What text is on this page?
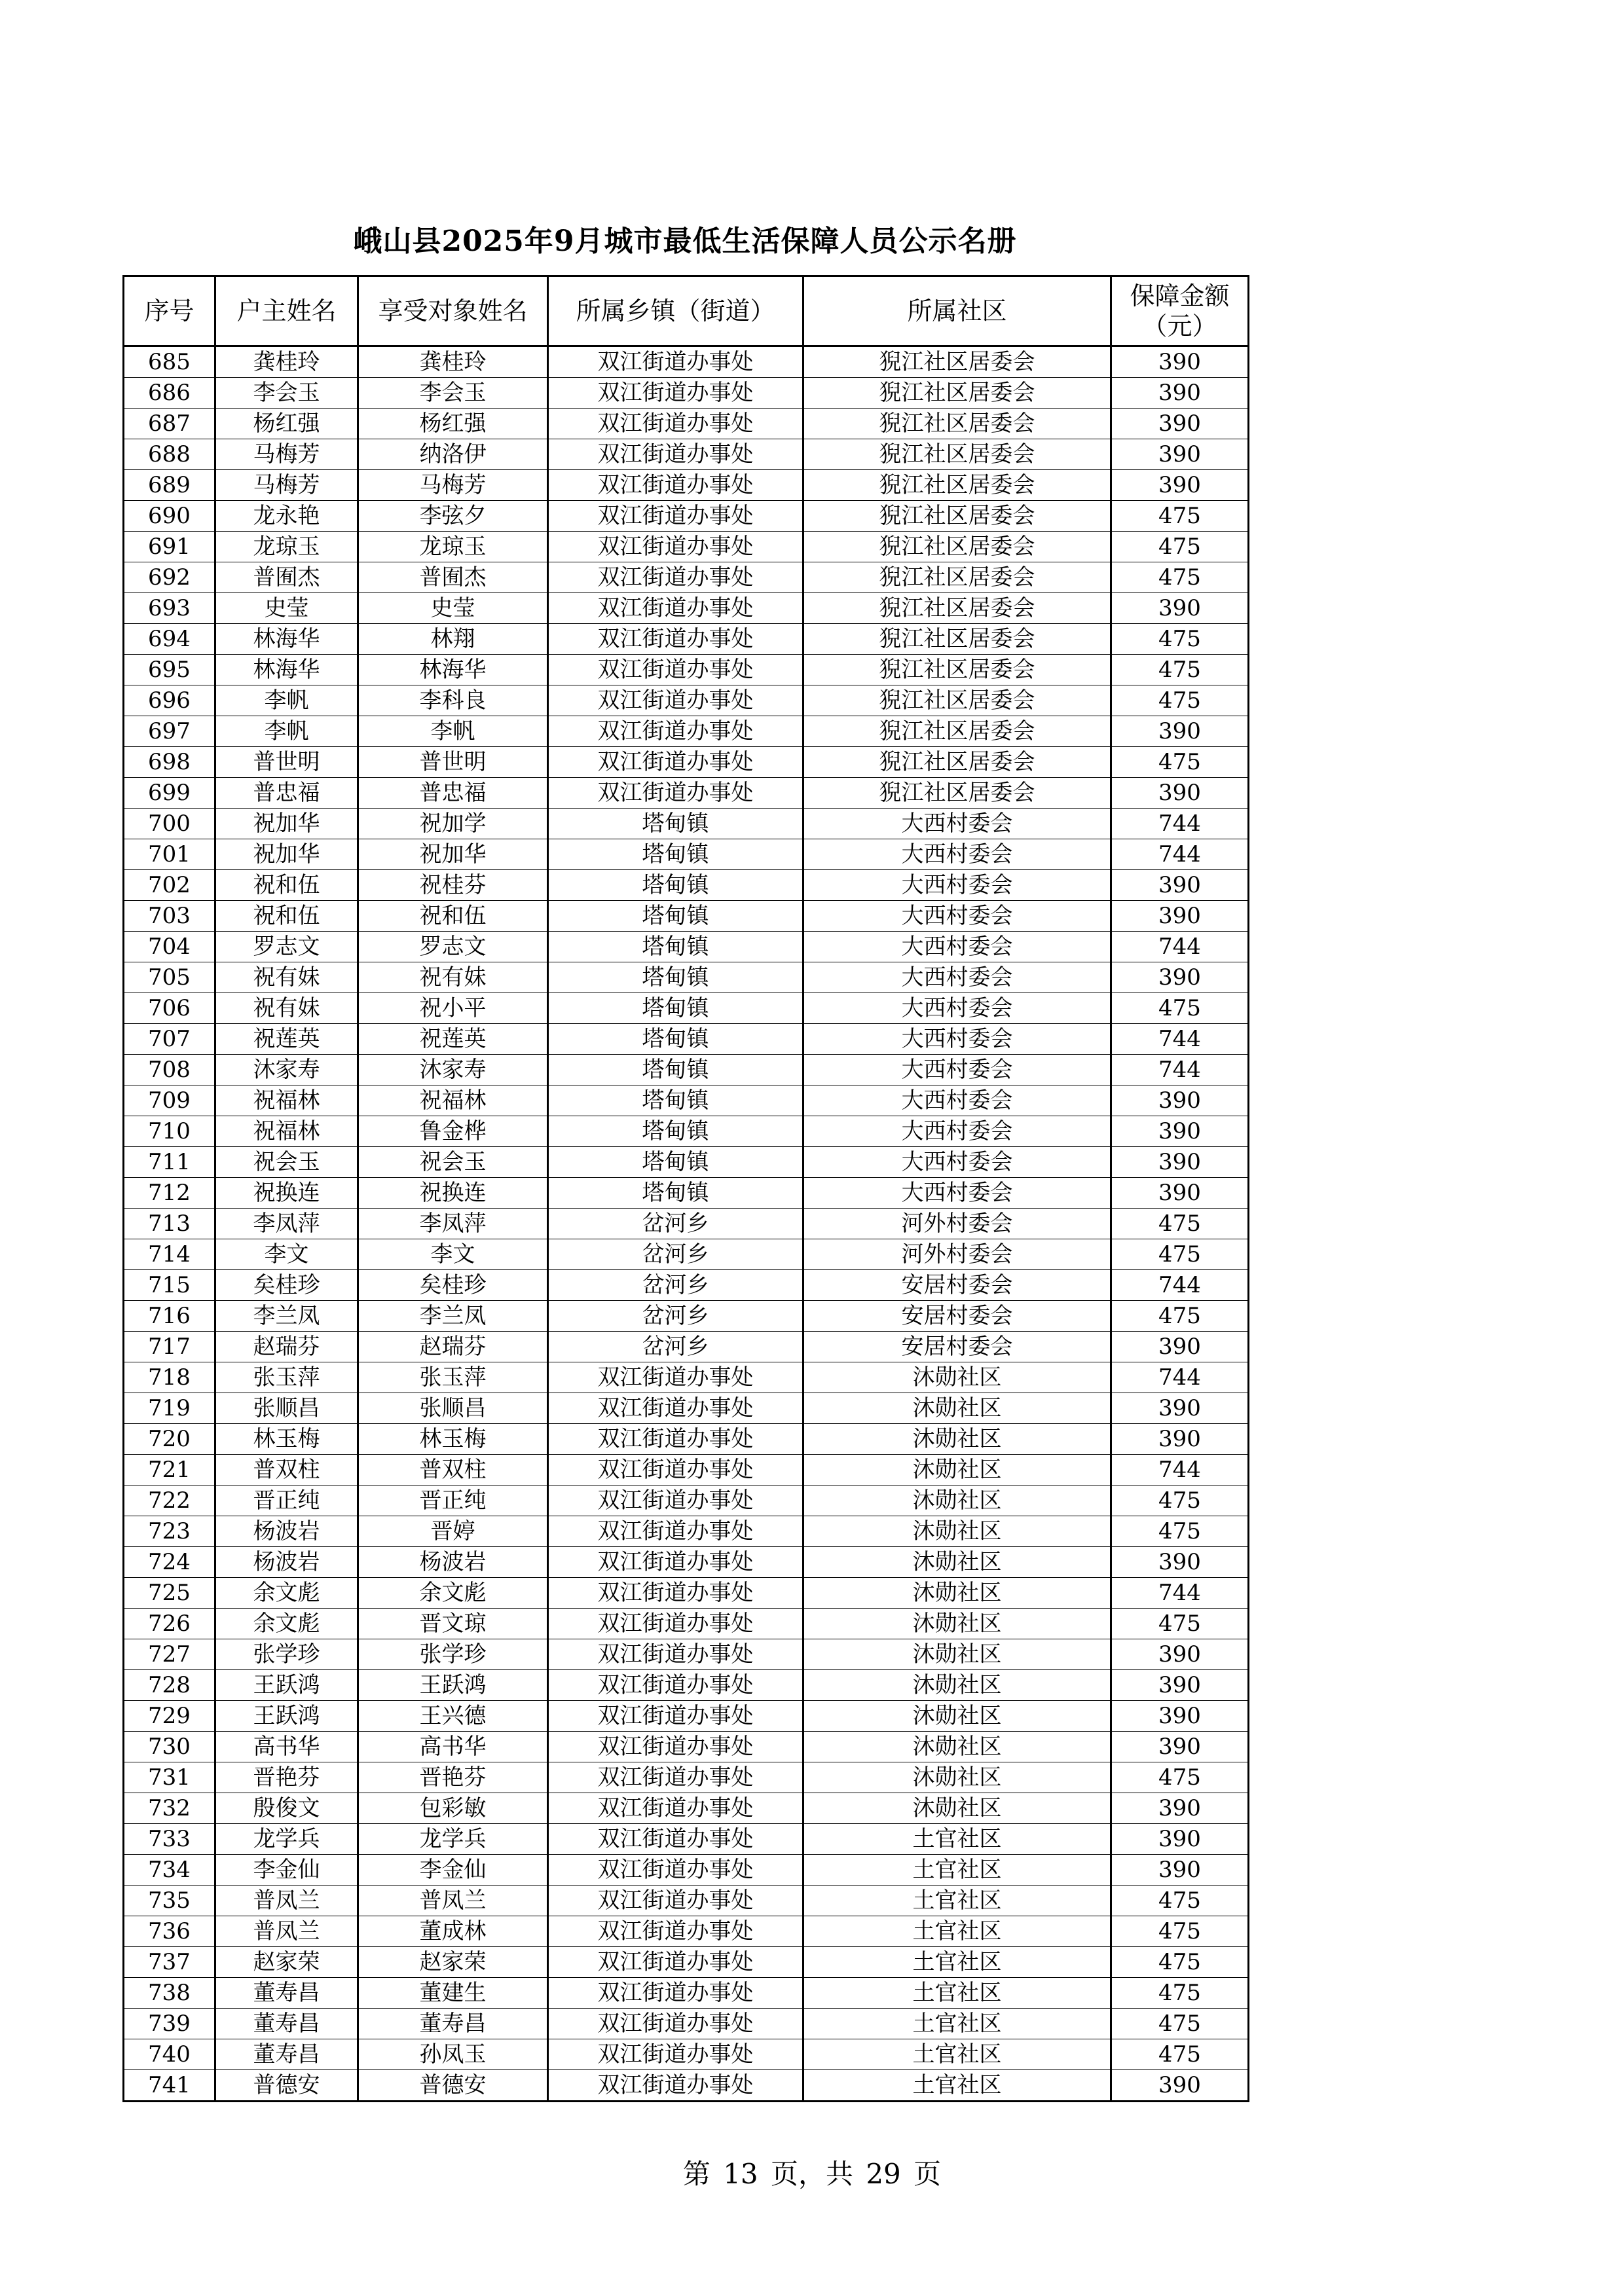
峨山县2025年9月城市最低生活保障人员公示名册
序号	户主姓名	享受对象姓名	所属乡镇（街道）	所属社区	保障金额
（元）

685	龚桂玲	龚桂玲	双江街道办事处	猊江社区居委会	390
686	李会玉	李会玉	双江街道办事处	猊江社区居委会	390
687	杨红强	杨红强	双江街道办事处	猊江社区居委会	390
688	马梅芳	纳洛伊	双江街道办事处	猊江社区居委会	390
689	马梅芳	马梅芳	双江街道办事处	猊江社区居委会	390
690	龙永艳	李弦夕	双江街道办事处	猊江社区居委会	475
691	龙琼玉	龙琼玉	双江街道办事处	猊江社区居委会	475
692	普囿杰	普囿杰	双江街道办事处	猊江社区居委会	475
693	史莹	史莹	双江街道办事处	猊江社区居委会	390
694	林海华	林翔	双江街道办事处	猊江社区居委会	475
695	林海华	林海华	双江街道办事处	猊江社区居委会	475
696	李帆	李科良	双江街道办事处	猊江社区居委会	475
697	李帆	李帆	双江街道办事处	猊江社区居委会	390
698	普世明	普世明	双江街道办事处	猊江社区居委会	475
699	普忠福	普忠福	双江街道办事处	猊江社区居委会	390
700	祝加华	祝加学	塔甸镇	大西村委会	744
701	祝加华	祝加华	塔甸镇	大西村委会	744
702	祝和伍	祝桂芬	塔甸镇	大西村委会	390
703	祝和伍	祝和伍	塔甸镇	大西村委会	390
704	罗志文	罗志文	塔甸镇	大西村委会	744
705	祝有妹	祝有妹	塔甸镇	大西村委会	390
706	祝有妹	祝小平	塔甸镇	大西村委会	475
707	祝莲英	祝莲英	塔甸镇	大西村委会	744
708	沐家寿	沐家寿	塔甸镇	大西村委会	744
709	祝福林	祝福林	塔甸镇	大西村委会	390
710	祝福林	鲁金桦	塔甸镇	大西村委会	390
711	祝会玉	祝会玉	塔甸镇	大西村委会	390
712	祝换连	祝换连	塔甸镇	大西村委会	390
713	李凤萍	李凤萍	岔河乡	河外村委会	475
714	李文	李文	岔河乡	河外村委会	475
715	矣桂珍	矣桂珍	岔河乡	安居村委会	744
716	李兰凤	李兰凤	岔河乡	安居村委会	475
717	赵瑞芬	赵瑞芬	岔河乡	安居村委会	390
718	张玉萍	张玉萍	双江街道办事处	沐勋社区	744
719	张顺昌	张顺昌	双江街道办事处	沐勋社区	390
720	林玉梅	林玉梅	双江街道办事处	沐勋社区	390
721	普双柱	普双柱	双江街道办事处	沐勋社区	744
722	晋正纯	晋正纯	双江街道办事处	沐勋社区	475
723	杨波岩	晋婷	双江街道办事处	沐勋社区	475
724	杨波岩	杨波岩	双江街道办事处	沐勋社区	390
725	余文彪	余文彪	双江街道办事处	沐勋社区	744
726	余文彪	晋文琼	双江街道办事处	沐勋社区	475
727	张学珍	张学珍	双江街道办事处	沐勋社区	390
728	王跃鸿	王跃鸿	双江街道办事处	沐勋社区	390
729	王跃鸿	王兴德	双江街道办事处	沐勋社区	390
730	高书华	高书华	双江街道办事处	沐勋社区	390
731	晋艳芬	晋艳芬	双江街道办事处	沐勋社区	475
732	殷俊文	包彩敏	双江街道办事处	沐勋社区	390
733	龙学兵	龙学兵	双江街道办事处	土官社区	390
734	李金仙	李金仙	双江街道办事处	土官社区	390
735	普凤兰	普凤兰	双江街道办事处	土官社区	475
736	普凤兰	董成林	双江街道办事处	土官社区	475
737	赵家荣	赵家荣	双江街道办事处	土官社区	475
738	董寿昌	董建生	双江街道办事处	土官社区	475
739	董寿昌	董寿昌	双江街道办事处	土官社区	475
740	董寿昌	孙凤玉	双江街道办事处	土官社区	475
741	普德安	普德安	双江街道办事处	土官社区	390
第 13 页，共 29 页
